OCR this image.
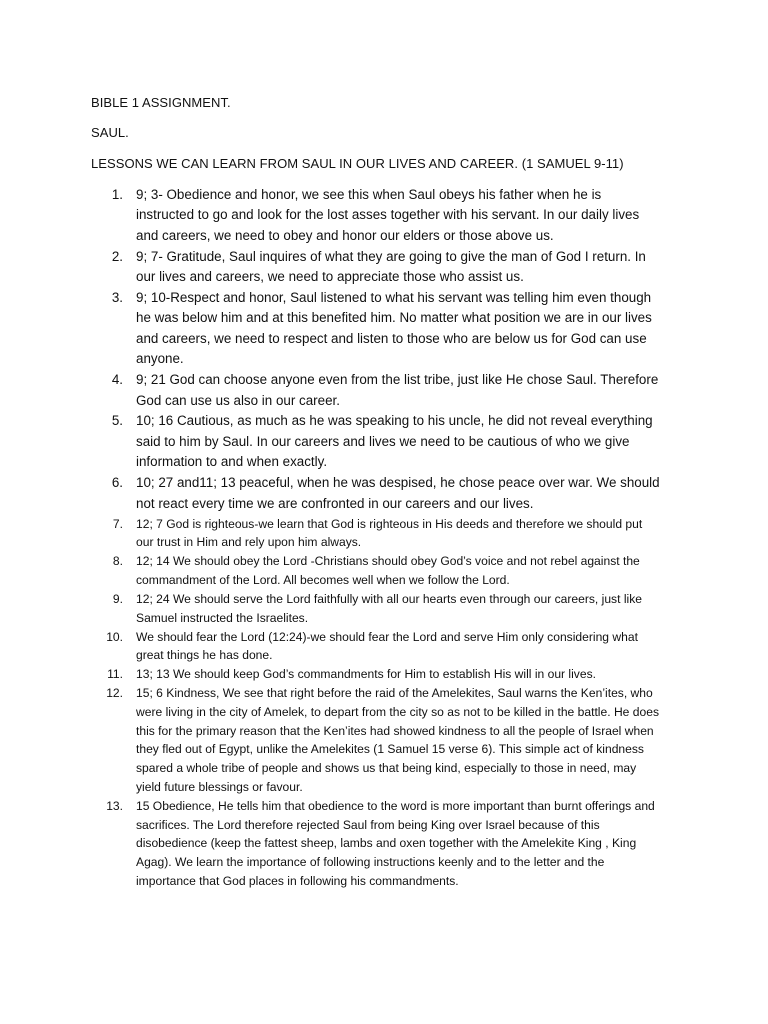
BIBLE 1 ASSIGNMENT.
SAUL.
LESSONS WE CAN LEARN FROM SAUL IN OUR LIVES AND CAREER. (1 SAMUEL 9-11)
1. 9; 3- Obedience and honor, we see this when Saul obeys his father when he is instructed to go and look for the lost asses together with his servant. In our daily lives and careers, we need to obey and honor our elders or those above us.
2. 9; 7- Gratitude, Saul inquires of what they are going to give the man of God I return. In our lives and careers, we need to appreciate those who assist us.
3. 9; 10-Respect and honor, Saul listened to what his servant was telling him even though he was below him and at this benefited him. No matter what position we are in our lives and careers, we need to respect and listen to those who are below us for God can use anyone.
4. 9; 21 God can choose anyone even from the list tribe, just like He chose Saul. Therefore God can use us also in our career.
5. 10; 16 Cautious, as much as he was speaking to his uncle, he did not reveal everything said to him by Saul. In our careers and lives we need to be cautious of who we give information to and when exactly.
6. 10; 27 and11; 13 peaceful, when he was despised, he chose peace over war. We should not react every time we are confronted in our careers and our lives.
7. 12; 7 God is righteous-we learn that God is righteous in His deeds and therefore we should put our trust in Him and rely upon him always.
8. 12; 14 We should obey the Lord -Christians should obey God’s voice and not rebel against the commandment of the Lord. All becomes well when we follow the Lord.
9. 12; 24 We should serve the Lord faithfully with all our hearts even through our careers, just like Samuel instructed the Israelites.
10. We should fear the Lord (12:24)-we should fear the Lord and serve Him only considering what great things he has done.
11. 13; 13 We should keep God’s commandments for Him to establish His will in our lives.
12. 15; 6 Kindness, We see that right before the raid of the Amelekites, Saul warns the Ken’ites, who were living in the city of Amelek, to depart from the city so as not to be killed in the battle. He does this for the primary reason that the Ken’ites had showed kindness to all the people of Israel when they fled out of Egypt, unlike the Amelekites (1 Samuel 15 verse 6). This simple act of kindness spared a whole tribe of people and shows us that being kind, especially to those in need, may yield future blessings or favour.
13. 15 Obedience, He tells him that obedience to the word is more important than burnt offerings and sacrifices. The Lord therefore rejected Saul from being King over Israel because of this disobedience (keep the fattest sheep, lambs and oxen together with the Amelekite King , King Agag). We learn the importance of following instructions keenly and to the letter and the importance that God places in following his commandments.
